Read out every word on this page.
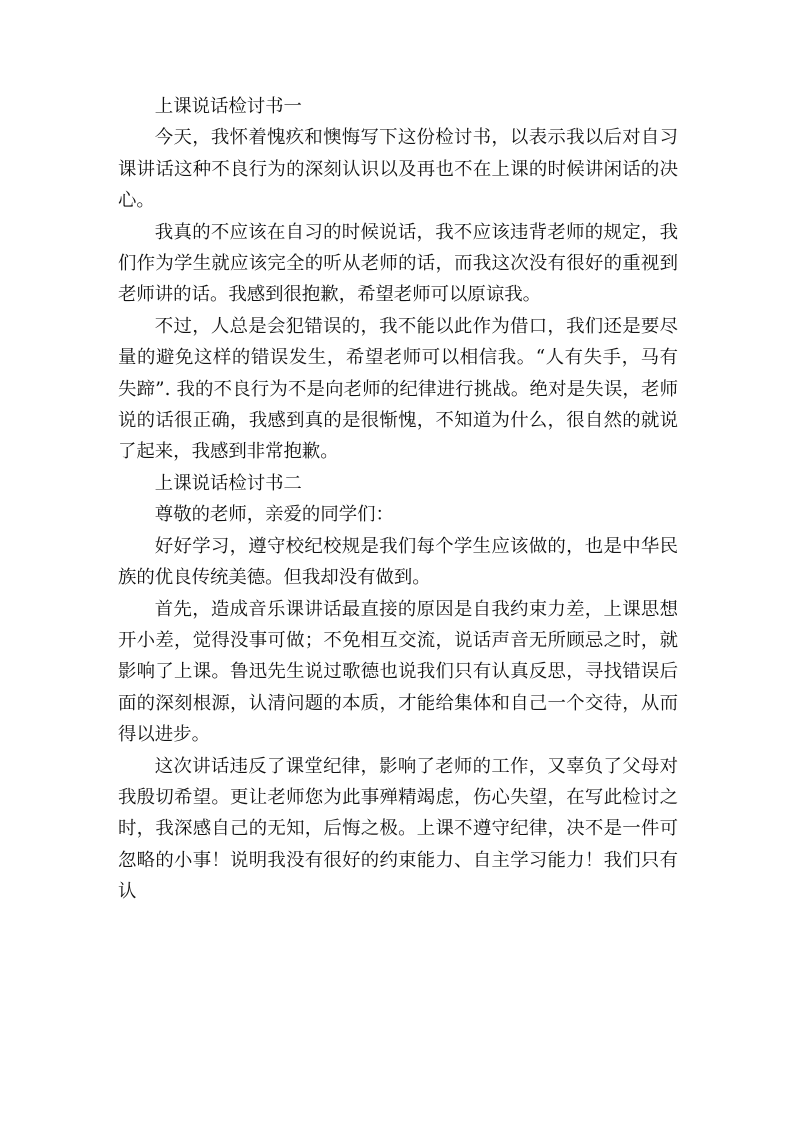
上课说话检讨书一

今天，我怀着愧疚和懊悔写下这份检讨书，以表示我以后对自习课讲话这种不良行为的深刻认识以及再也不在上课的时候讲闲话的决心。

我真的不应该在自习的时候说话，我不应该违背老师的规定，我们作为学生就应该完全的听从老师的话，而我这次没有很好的重视到老师讲的话。我感到很抱歉，希望老师可以原谅我。

不过，人总是会犯错误的，我不能以此作为借口，我们还是要尽量的避免这样的错误发生，希望老师可以相信我。“人有失手，马有失蹄”. 我的不良行为不是向老师的纪律进行挑战。绝对是失误，老师说的话很正确，我感到真的是很惭愧，不知道为什么，很自然的就说了起来，我感到非常抱歉。

上课说话检讨书二

尊敬的老师，亲爱的同学们：

好好学习，遵守校纪校规是我们每个学生应该做的，也是中华民族的优良传统美德。但我却没有做到。

首先，造成音乐课讲话最直接的原因是自我约束力差，上课思想开小差，觉得没事可做；不免相互交流，说话声音无所顾忌之时，就影响了上课。鲁迅先生说过歌德也说我们只有认真反思，寻找错误后面的深刻根源，认清问题的本质，才能给集体和自己一个交待，从而得以进步。

这次讲话违反了课堂纪律，影响了老师的工作，又辜负了父母对我殷切希望。更让老师您为此事殚精竭虑，伤心失望，在写此检讨之时，我深感自己的无知，后悔之极。上课不遵守纪律，决不是一件可忽略的小事！说明我没有很好的约束能力、自主学习能力！我们只有认
